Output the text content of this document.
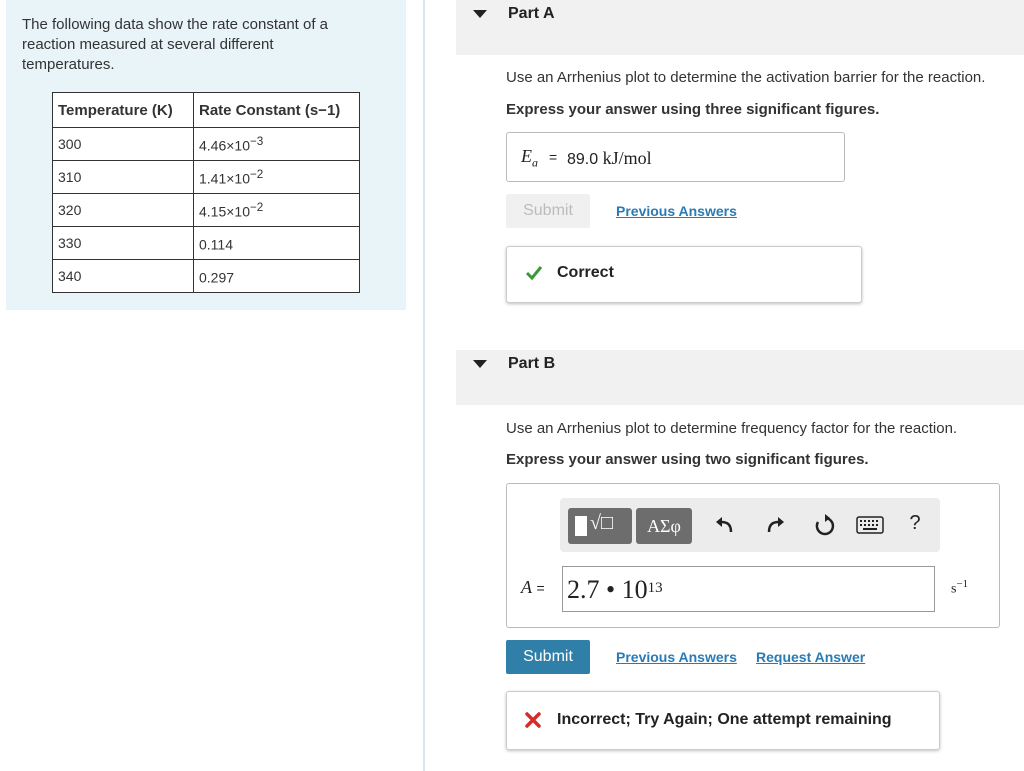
The following data show the rate constant of a reaction measured at several different temperatures.
Temperature (K)	Rate Constant (s−1)
300	$4.46\times 10^{-3}$
310	$1.41\times 10^{-2}$
320	$4.15\times 10^{-2}$
330	0.114
340	0.297
Part A
Use an Arrhenius plot to determine the activation barrier for the reaction.
Express your answer using three significant figures.
$E_a = 89.0$ kJ/mol
Submit	Previous Answers
Correct
Part B
Use an Arrhenius plot to determine frequency factor for the reaction.
Express your answer using two significant figures.
√□	ΑΣφ	?
A = 2.7 • $10^{13}$	$s^{-1}$
Submit	Previous Answers Request Answer
Incorrect; Try Again; One attempt remaining
